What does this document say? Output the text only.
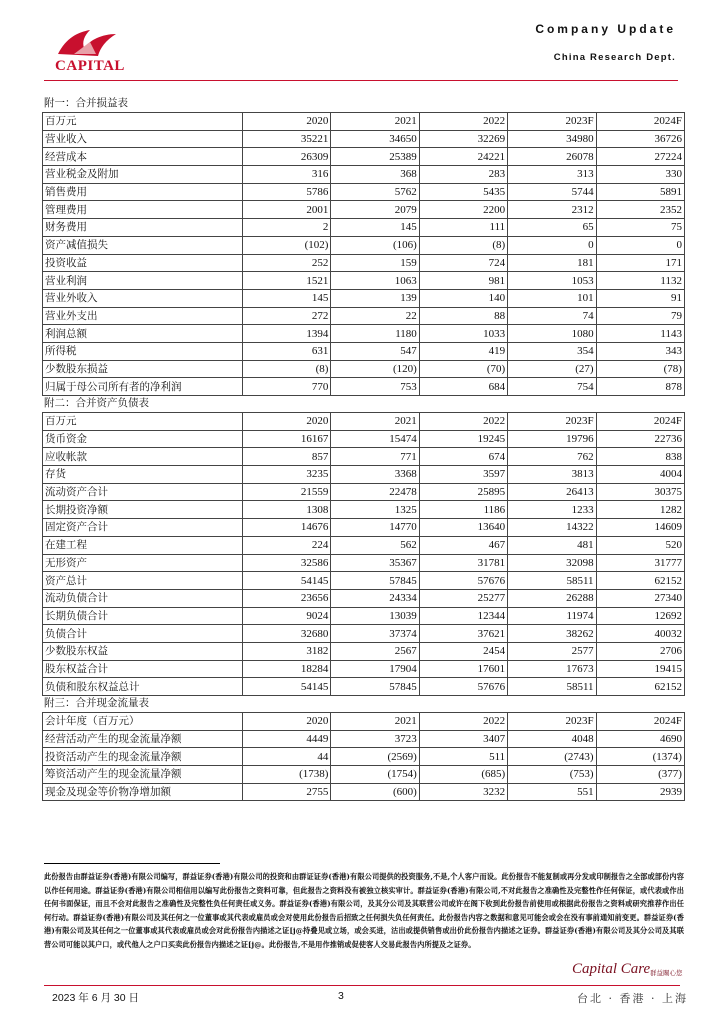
CAPITAL
Company Update
China Research Dept.
附一：合并损益表
百万元	2020	2021	2022	2023F	2024F
营业收入	35221	34650	32269	34980	36726
经营成本	26309	25389	24221	26078	27224
营业税金及附加	316	368	283	313	330
销售费用	5786	5762	5435	5744	5891
管理费用	2001	2079	2200	2312	2352
财务费用	2	145	111	65	75
资产减值损失	(102)	(106)	(8)	0	0
投资收益	252	159	724	181	171
营业利润	1521	1063	981	1053	1132
营业外收入	145	139	140	101	91
营业外支出	272	22	88	74	79
利润总额	1394	1180	1033	1080	1143
所得税	631	547	419	354	343
少数股东损益	(8)	(120)	(70)	(27)	(78)
归属于母公司所有者的净利润	770	753	684	754	878
附二：合并资产负债表
百万元	2020	2021	2022	2023F	2024F
货币资金	16167	15474	19245	19796	22736
应收帐款	857	771	674	762	838
存货	3235	3368	3597	3813	4004
流动资产合计	21559	22478	25895	26413	30375
长期投资净额	1308	1325	1186	1233	1282
固定资产合计	14676	14770	13640	14322	14609
在建工程	224	562	467	481	520
无形资产	32586	35367	31781	32098	31777
资产总计	54145	57845	57676	58511	62152
流动负债合计	23656	24334	25277	26288	27340
长期负债合计	9024	13039	12344	11974	12692
负债合计	32680	37374	37621	38262	40032
少数股东权益	3182	2567	2454	2577	2706
股东权益合计	18284	17904	17601	17673	19415
负债和股东权益总计	54145	57845	57676	58511	62152
附三：合并现金流量表
会计年度（百万元）	2020	2021	2022	2023F	2024F
经营活动产生的现金流量净额	4449	3723	3407	4048	4690
投资活动产生的现金流量净额	44	(2569)	511	(2743)	(1374)
筹资活动产生的现金流量净额	(1738)	(1754)	(685)	(753)	(377)
现金及现金等价物净增加额	2755	(600)	3232	551	2939
此份报告由群益证券(香港)有限公司编写，群益证券(香港)有限公司的投资和由群证证券(香港)有限公司提供的投资服务,不是,个人客户而设。此份报告不能复制或再分发或印制报告之全部或部份内容以作任何用途。群益证券(香港)有限公司相信用以编写此份报告之资料可靠，但此报告之资料没有被独立核实审计。群益证券(香港)有限公司,不对此报告之准确性及完整性作任何保证，或代表或作出任何书面保证，而且不会对此报告之准确性及完整性负任何责任或义务。群益证券(香港)有限公司，及其分公司及其联营公司或许在阁下收到此份报告前使用或根据此份报告之资料或研究推荐作出任何行动。群益证券(香港)有限公司及其任何之一位董事或其代表或雇员或会对使用此份报告后招致之任何损失负任何责任。此份报告内容之数据和意见可能会或会在没有事前通知前变更。群益证券(香港)有限公司及其任何之一位董事或其代表或雇员或会对此份报告内描述之证[j@持叠见或立场，或会买进，沽出或提供销售或出价此份报告内描述之证券。群益证券(香港)有限公司及其分公司及其联营公司可能以其户口，或代他人之户口买卖此份报告内描述之证[j@。此份报告,不是用作推销或促使客人交易此报告内所提及之证券。
Capital Care 群益關心您
2023 年 6 月 30 日	3	台北 · 香港 · 上海
